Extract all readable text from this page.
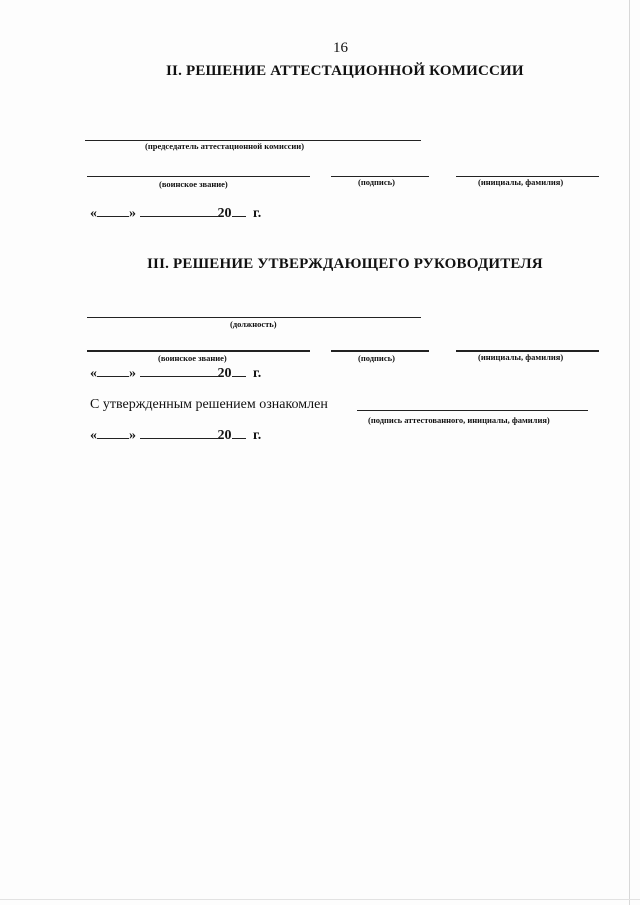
16
II. РЕШЕНИЕ АТТЕСТАЦИОННОЙ КОМИССИИ
(председатель аттестационной комиссии)
(воинское звание)	(подпись)	(инициалы, фамилия)
« »	20 г.
III. РЕШЕНИЕ УТВЕРЖДАЮЩЕГО РУКОВОДИТЕЛЯ
(должность)
(воинское звание)	(подпись)	(инициалы, фамилия)
« »	20 г.
С утвержденным решением ознакомлен
(подпись аттестованного, инициалы, фамилия)
« »	20 г.
